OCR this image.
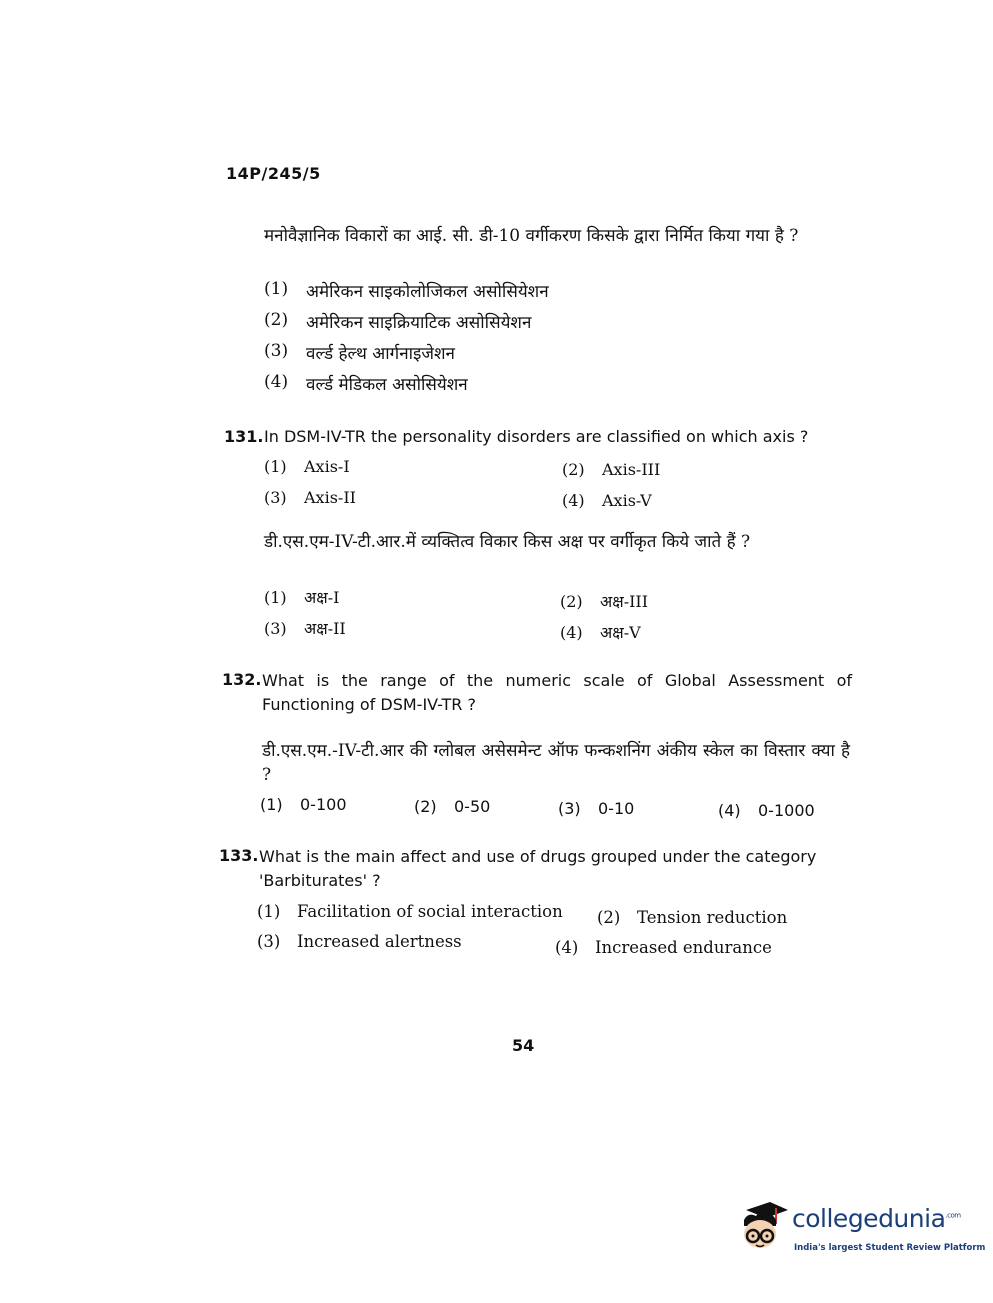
14P/245/5
मनोवैज्ञानिक विकारों का आई. सी. डी-10 वर्गीकरण किसके द्वारा निर्मित किया गया है ?
(1)	अमेरिकन साइकोलोजिकल असोसियेशन
(2)	अमेरिकन साइक्रियाटिक असोसियेशन
(3)	वर्ल्ड हेल्थ आर्गनाइजेशन
(4)	वर्ल्ड मेडिकल असोसियेशन
131. In DSM-IV-TR the personality disorders are classified on which axis ?
(1) Axis-I	(2) Axis-III
(3) Axis-II	(4) Axis-V
डी.एस.एम-IV-टी.आर.में व्यक्तित्व विकार किस अक्ष पर वर्गीकृत किये जाते हैं ?
(1) अक्ष-I	(2) अक्ष-III
(3) अक्ष-II	(4) अक्ष-V
132. What is the range of the numeric scale of Global Assessment of
Functioning of DSM-IV-TR ?
डी.एस.एम.-IV-टी.आर की ग्लोबल असेसमेन्ट ऑफ फन्कशनिंग अंकीय स्केल का विस्तार क्या है ?
(1) 0-100	(2) 0-50	(3) 0-10	(4) 0-1000
133. What is the main affect and use of drugs grouped under the category
'Barbiturates' ?
(1) Facilitation of social interaction (2) Tension reduction
(3) Increased alertness	(4) Increased endurance
54
collegedunia$^{.com}$
India's largest Student Review Platform
